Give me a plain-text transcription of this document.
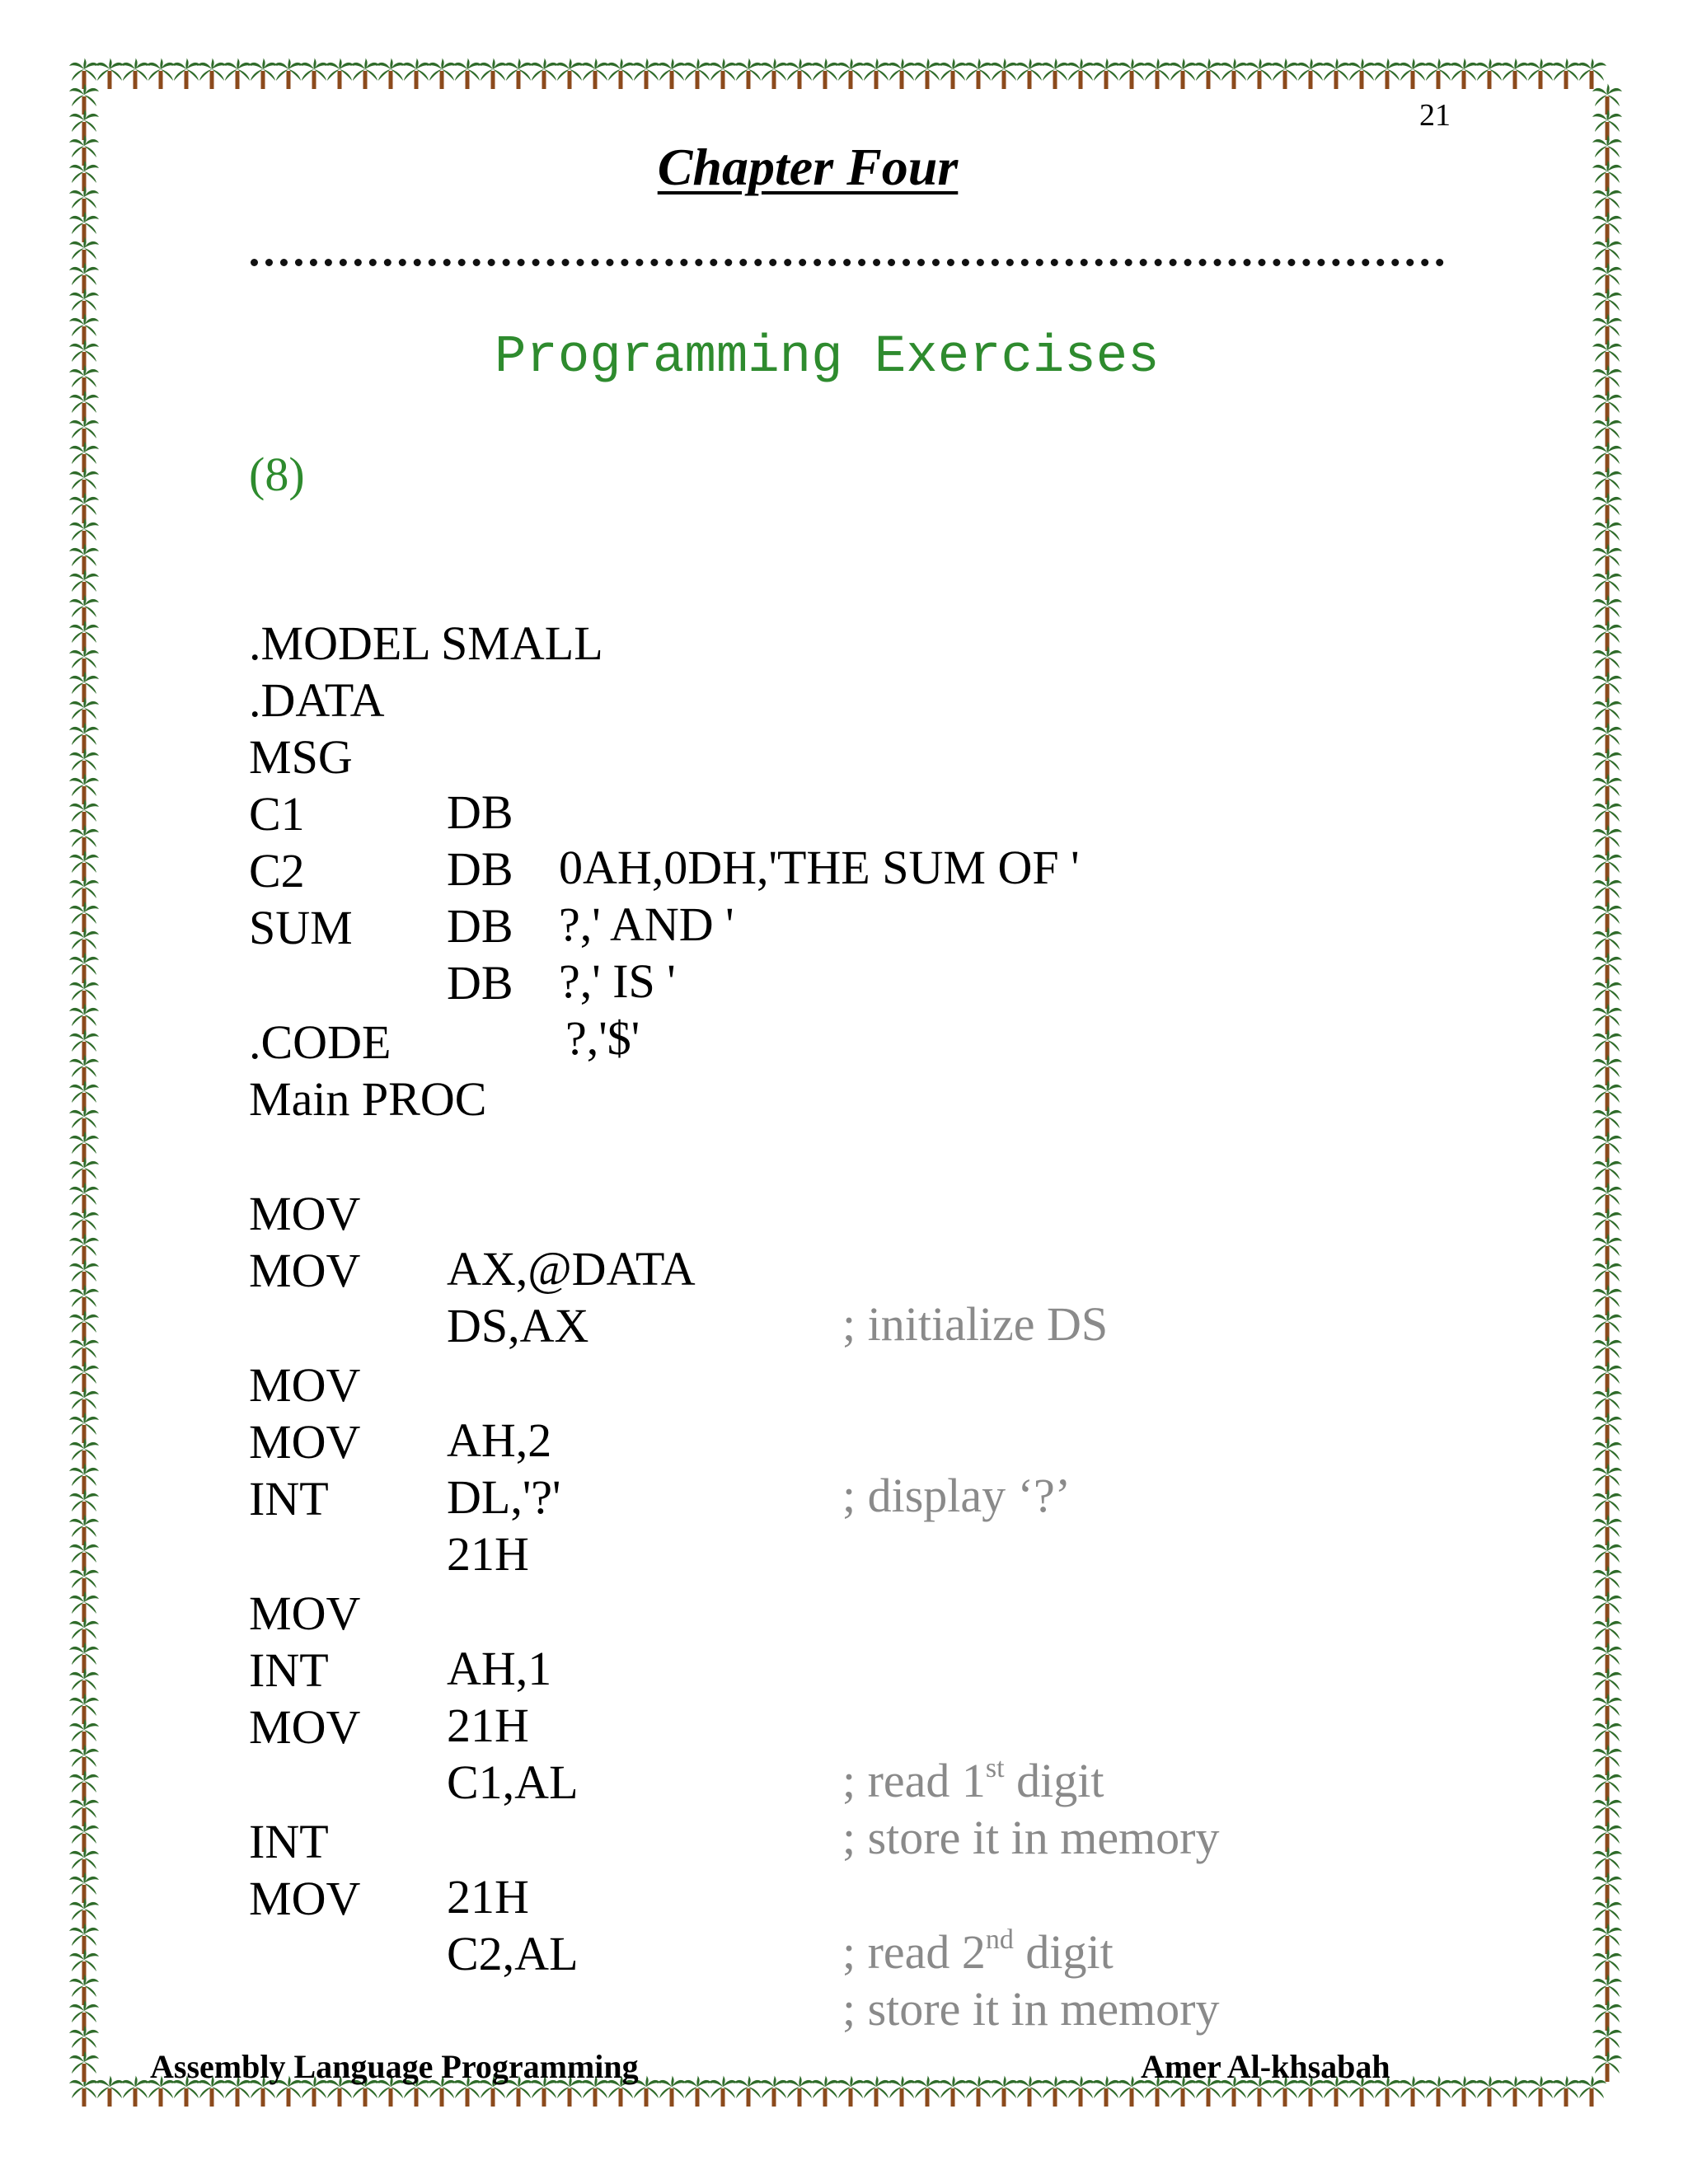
21
Chapter Four
Programming Exercises
(8)

.MODEL SMALL

.DATA

MSG

DB

0AH,0DH,'THE SUM OF '

C1

DB

?,' AND '

C2

DB

?,' IS '

SUM

DB

?,'$'

.CODE

Main PROC

MOV

AX,@DATA

; initialize DS

MOV

DS,AX

MOV

AH,2

; display ‘?’

MOV

DL,'?'

INT

21H

MOV

AH,1

INT

21H

; read 1st digit

MOV

C1,AL

; store it in memory

INT

21H

; read 2nd digit

MOV

C2,AL

; store it in memory

Assembly Language Programming	Amer Al-khsabah
